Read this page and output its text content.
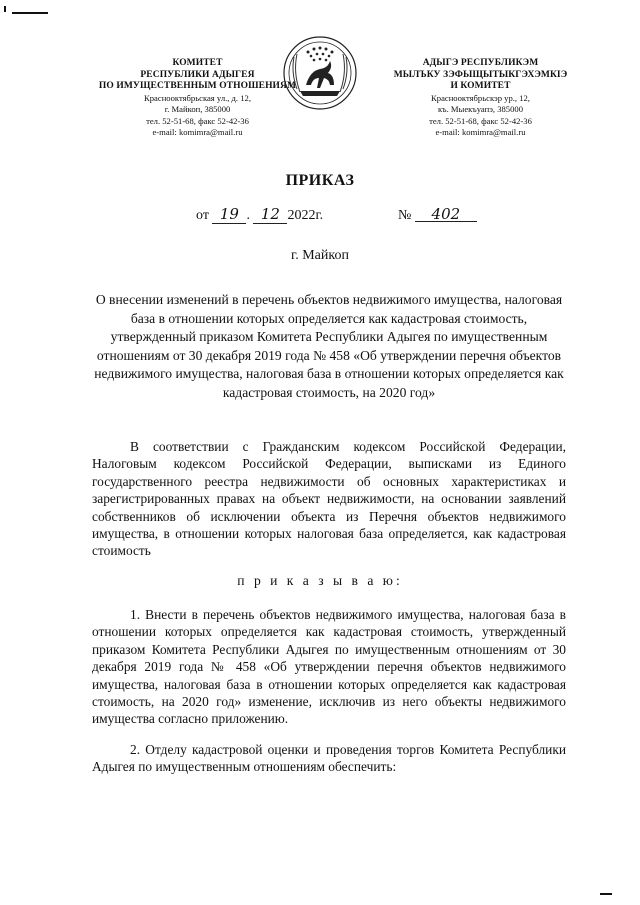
КОМИТЕТ
РЕСПУБЛИКИ АДЫГЕЯ
ПО ИМУЩЕСТВЕННЫМ ОТНОШЕНИЯМ
Краснооктябрьская ул., д. 12,
г. Майкоп, 385000
тел. 52-51-68, факс 52-42-36
e-mail: komimra@mail.ru
АДЫГЭ РЕСПУБЛИКЭМ
МЫЛЪКУ ЗЭФЫЩЫТЫКГЭХЭМКIЭ
И КОМИТЕТ
Краснооктябрьскэр ур., 12,
къ. Мыекъуапэ, 385000
тел. 52-51-68, факс 52-42-36
e-mail: komimra@mail.ru
ПРИКАЗ
от 19 . 12 2022г.	№ 402
г. Майкоп
О внесении изменений в перечень объектов недвижимого имущества, налоговая база в отношении которых определяется как кадастровая стоимость, утвержденный приказом Комитета Республики Адыгея по имущественным отношениям от 30 декабря 2019 года № 458 «Об утверждении перечня объектов недвижимого имущества, налоговая база в отношении которых определяется как кадастровая стоимость, на 2020 год»
В соответствии с Гражданским кодексом Российской Федерации, Налоговым кодексом Российской Федерации, выписками из Единого государственного реестра недвижимости об основных характеристиках и зарегистрированных правах на объект недвижимости, на основании заявлений собственников об исключении объекта из Перечня объектов недвижимого имущества, в отношении которых налоговая база определяется, как кадастровая стоимость
п р и к а з ы в а ю:
1. Внести в перечень объектов недвижимого имущества, налоговая база в отношении которых определяется как кадастровая стоимость, утвержденный приказом Комитета Республики Адыгея по имущественным отношениям от 30 декабря 2019 года № 458 «Об утверждении перечня объектов недвижимого имущества, налоговая база в отношении которых определяется как кадастровая стоимость, на 2020 год» изменение, исключив из него объекты недвижимого имущества согласно приложению.
2. Отделу кадастровой оценки и проведения торгов Комитета Республики Адыгея по имущественным отношениям обеспечить:
